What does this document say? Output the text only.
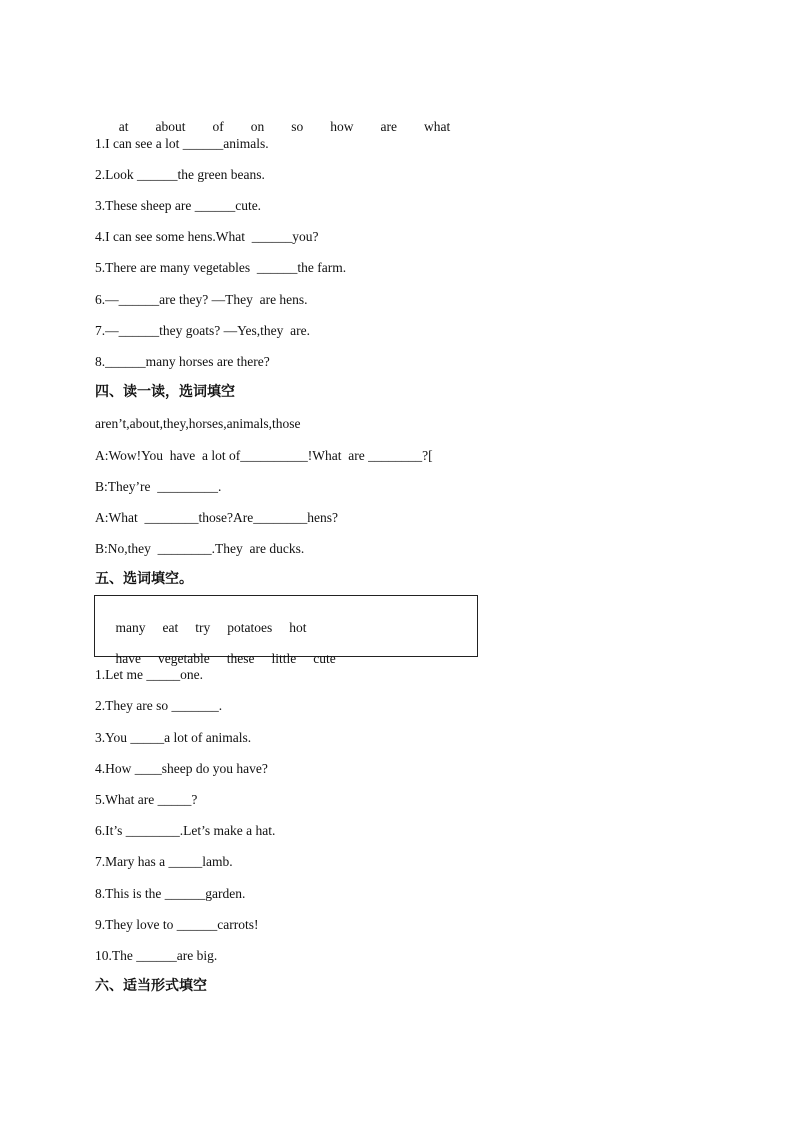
at about of on so how are what

1.I can see a lot ______animals.
2.Look ______the green beans.
3.These sheep are ______cute.
4.I can see some hens.What  ______you?
5.There are many vegetables  ______the farm.
6.—______are they? —They  are hens.
7.—______they goats? —Yes,they  are.
8.______many horses are there?
四、读一读，选词填空
aren’t,about,they,horses,animals,those
A:Wow!You  have  a lot of__________!What  are ________?[
B:They’re  _________.
A:What  ________those?Are________hens?
B:No,they  ________.They  are ducks.
五、选词填空。

many eat try potatoes hot

have vegetable these little cute

1.Let me _____one.
2.They are so _______.
3.You _____a lot of animals.
4.How ____sheep do you have?
5.What are _____?
6.It’s ________.Let’s make a hat.
7.Mary has a _____lamb.
8.This is the ______garden.
9.They love to ______carrots!
10.The ______are big.
六、适当形式填空
